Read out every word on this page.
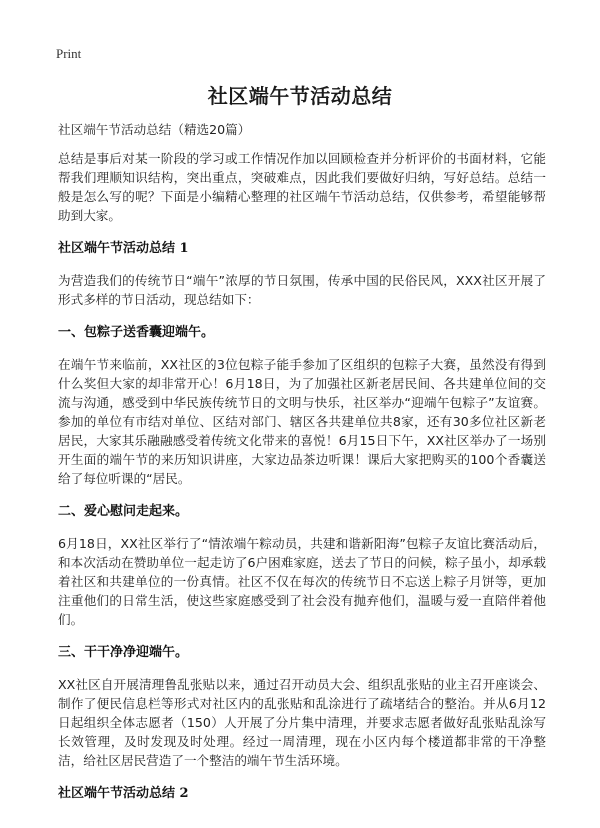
Print
社区端午节活动总结

社区端午节活动总结（精选20篇）

总结是事后对某一阶段的学习或工作情况作加以回顾检查并分析评价的书面材料，它能帮我们理顺知识结构，突出重点，突破难点，因此我们要做好归纳，写好总结。总结一般是怎么写的呢？下面是小编精心整理的社区端午节活动总结，仅供参考，希望能够帮助到大家。

社区端午节活动总结 1

为营造我们的传统节日“端午”浓厚的节日氛围，传承中国的民俗民风，XXX社区开展了形式多样的节日活动，现总结如下：

一、包粽子送香囊迎端午。

在端午节来临前，XX社区的3位包粽子能手参加了区组织的包粽子大赛，虽然没有得到什么奖但大家的却非常开心！6月18日，为了加强社区新老居民间、各共建单位间的交流与沟通，感受到中华民族传统节日的文明与快乐，社区举办“迎端午包粽子”友谊赛。参加的单位有市结对单位、区结对部门、辖区各共建单位共8家，还有30多位社区新老居民，大家其乐融融感受着传统文化带来的喜悦！6月15日下午，XX社区举办了一场别开生面的端午节的来历知识讲座，大家边品茶边听课！课后大家把购买的100个香囊送给了每位听课的“居民。

二、爱心慰问走起来。

6月18日，XX社区举行了“情浓端午粽动员，共建和谐新阳海”包粽子友谊比赛活动后，和本次活动在赞助单位一起走访了6户困难家庭，送去了节日的问候，粽子虽小，却承载着社区和共建单位的一份真情。社区不仅在每次的传统节日不忘送上粽子月饼等，更加注重他们的日常生活，使这些家庭感受到了社会没有抛弃他们，温暖与爱一直陪伴着他们。

三、干干净净迎端午。

XX社区自开展清理鲁乱张贴以来，通过召开动员大会、组织乱张贴的业主召开座谈会、制作了便民信息栏等形式对社区内的乱张贴和乱涂进行了疏堵结合的整治。并从6月12日起组织全体志愿者（150）人开展了分片集中清理，并要求志愿者做好乱张贴乱涂写长效管理，及时发现及时处理。经过一周清理，现在小区内每个楼道都非常的干净整洁，给社区居民营造了一个整洁的端午节生活环境。

社区端午节活动总结 2
